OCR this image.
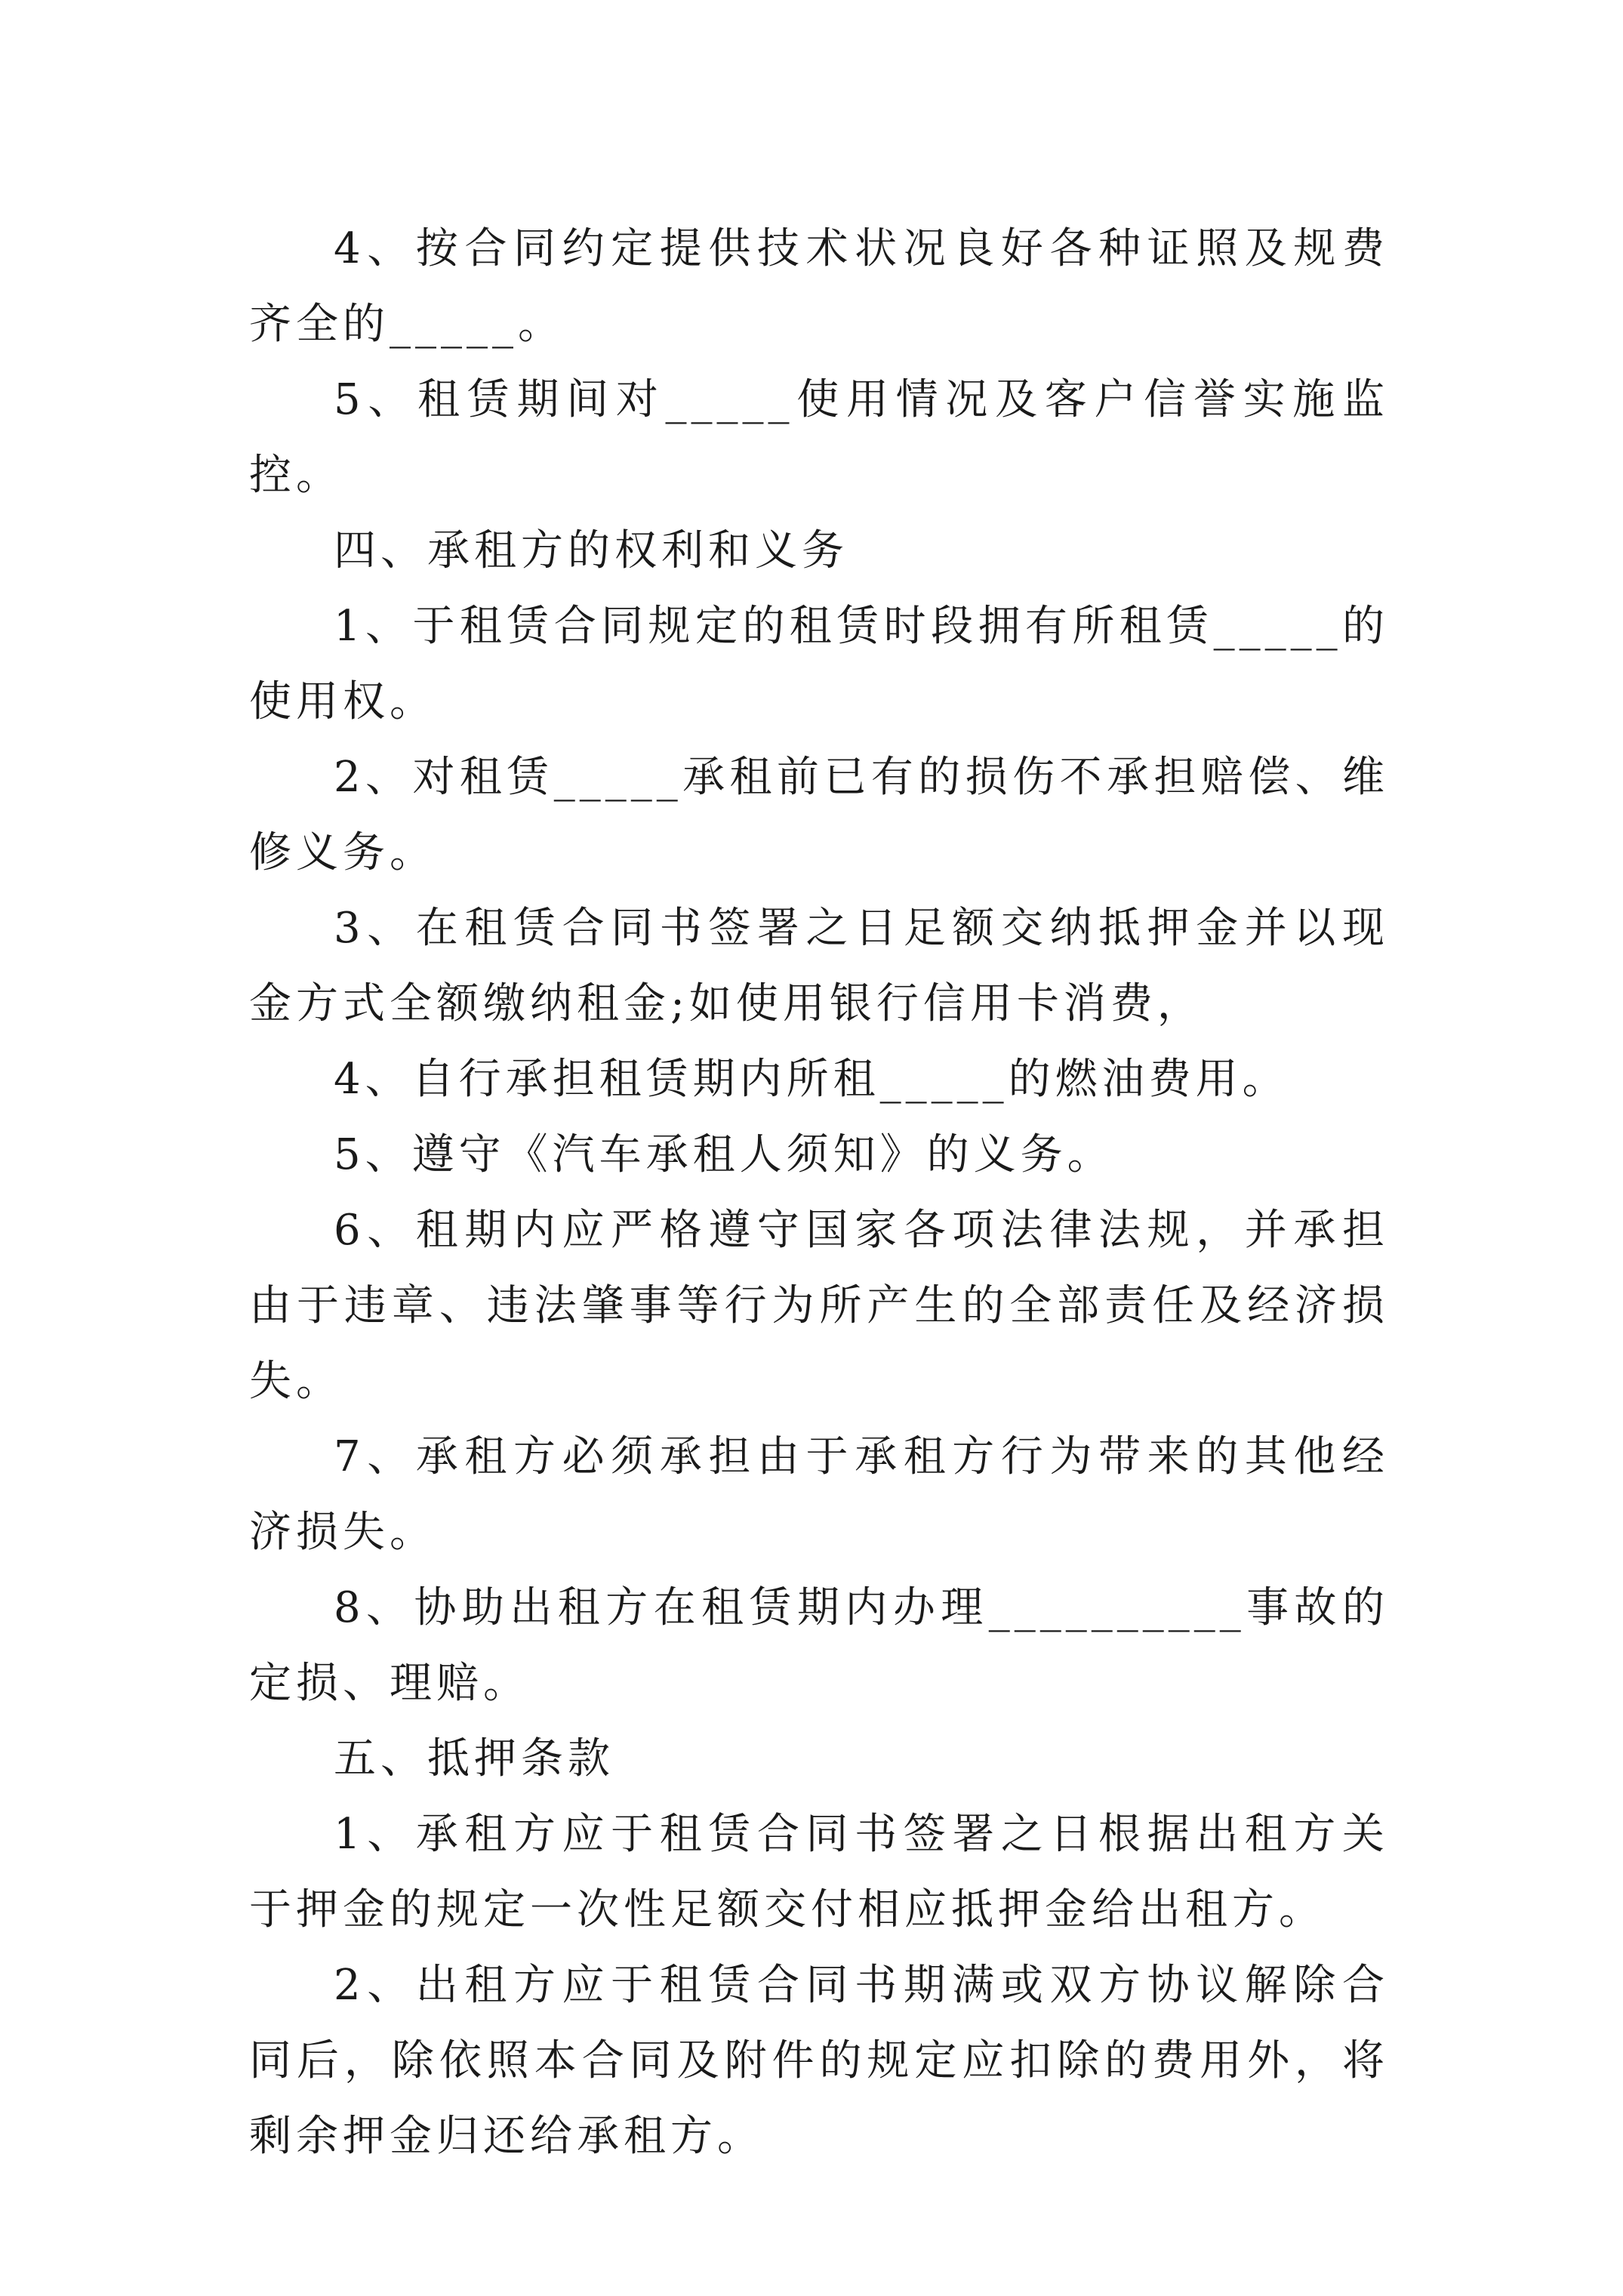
4、按合同约定提供技术状况良好各种证照及规费齐全的_____。

5、租赁期间对_____使用情况及客户信誉实施监控。

四、承租方的权利和义务

1、于租赁合同规定的租赁时段拥有所租赁_____的使用权。

2、对租赁_____承租前已有的损伤不承担赔偿、维修义务。

3、在租赁合同书签署之日足额交纳抵押金并以现金方式全额缴纳租金;如使用银行信用卡消费，

4、自行承担租赁期内所租_____的燃油费用。

5、遵守《汽车承租人须知》的义务。

6、租期内应严格遵守国家各项法律法规，并承担由于违章、违法肇事等行为所产生的全部责任及经济损失。

7、承租方必须承担由于承租方行为带来的其他经济损失。

8、协助出租方在租赁期内办理__________事故的定损、理赔。

五、抵押条款

1、承租方应于租赁合同书签署之日根据出租方关于押金的规定一次性足额交付相应抵押金给出租方。

2、出租方应于租赁合同书期满或双方协议解除合同后，除依照本合同及附件的规定应扣除的费用外，将剩余押金归还给承租方。
